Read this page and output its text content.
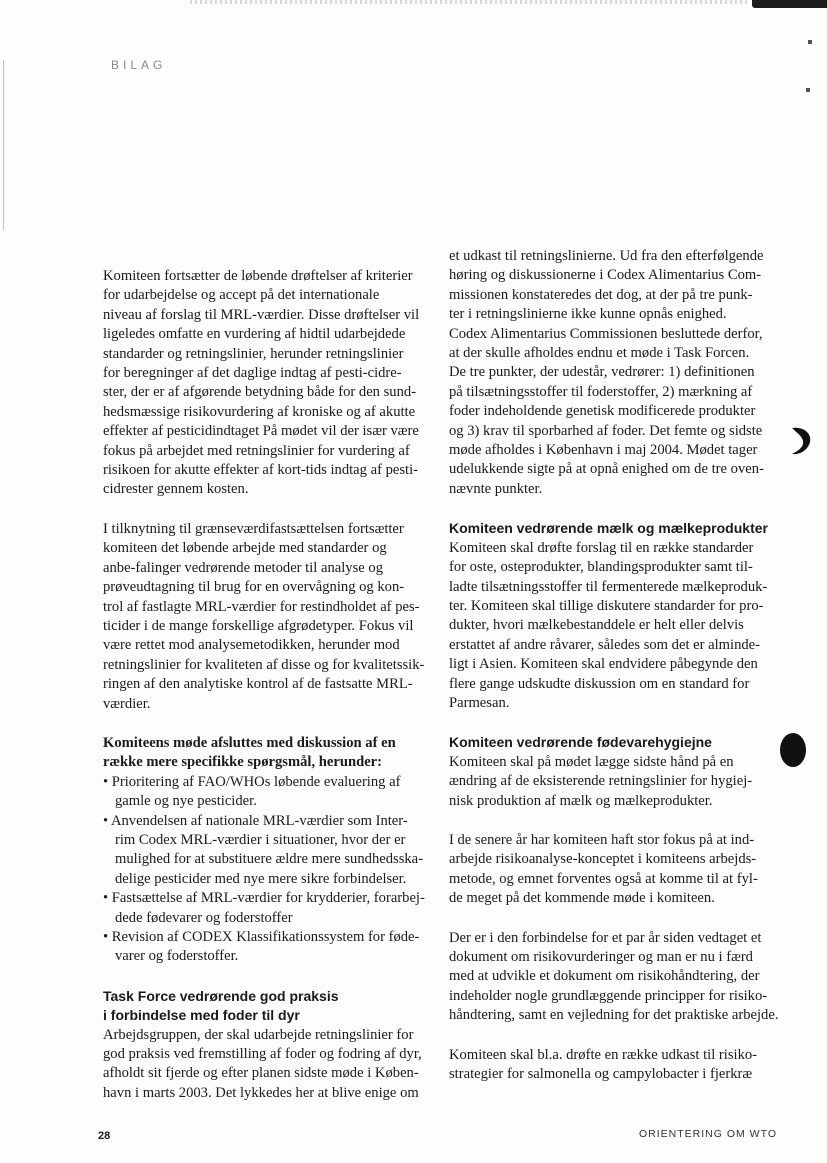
BILAG

Komiteen fortsætter de løbende drøftelser af kriterier
for udarbejdelse og accept på det internationale
niveau af forslag til MRL-værdier. Disse drøftelser vil
ligeledes omfatte en vurdering af hidtil udarbejdede
standarder og retningslinier, herunder retningslinier
for beregninger af det daglige indtag af pesti-cidre-
ster, der er af afgørende betydning både for den sund-
hedsmæssige risikovurdering af kroniske og af akutte
effekter af pesticidindtaget På mødet vil der især være
fokus på arbejdet med retningslinier for vurdering af
risikoen for akutte effekter af kort-tids indtag af pesti-
cidrester gennem kosten.

I tilknytning til grænseværdifastsættelsen fortsætter
komiteen det løbende arbejde med standarder og
anbe-falinger vedrørende metoder til analyse og
prøveudtagning til brug for en overvågning og kon-
trol af fastlagte MRL-værdier for restindholdet af pes-
ticider i de mange forskellige afgrødetyper. Fokus vil
være rettet mod analysemetodikken, herunder mod
retningslinier for kvaliteten af disse og for kvalitetssik-
ringen af den analytiske kontrol af de fastsatte MRL-
værdier.
Komiteens møde afsluttes med diskussion af en
række mere specifikke spørgsmål, herunder:
• Prioritering af FAO/WHOs løbende evaluering af
gamle og nye pesticider.
• Anvendelsen af nationale MRL-værdier som Inter-
rim Codex MRL-værdier i situationer, hvor der er
mulighed for at substituere ældre mere sundhedsska-
delige pesticider med nye mere sikre forbindelser.
• Fastsættelse af MRL-værdier for krydderier, forarbej-
dede fødevarer og foderstoffer
• Revision af CODEX Klassifikationssystem for føde-
varer og foderstoffer.
Task Force vedrørende god praksis
i forbindelse med foder til dyr
Arbejdsgruppen, der skal udarbejde retningslinier for
god praksis ved fremstilling af foder og fodring af dyr,
afholdt sit fjerde og efter planen sidste møde i Køben-
havn i marts 2003. Det lykkedes her at blive enige om
et udkast til retningslinierne. Ud fra den efterfølgende
høring og diskussionerne i Codex Alimentarius Com-
missionen konstateredes det dog, at der på tre punk-
ter i retningslinierne ikke kunne opnås enighed.
Codex Alimentarius Commissionen besluttede derfor,
at der skulle afholdes endnu et møde i Task Forcen.
De tre punkter, der udestår, vedrører: 1) definitionen
på tilsætningsstoffer til foderstoffer, 2) mærkning af
foder indeholdende genetisk modificerede produkter
og 3) krav til sporbarhed af foder. Det femte og sidste
møde afholdes i København i maj 2004. Mødet tager
udelukkende sigte på at opnå enighed om de tre oven-
nævnte punkter.
Komiteen vedrørende mælk og mælkeprodukter
Komiteen skal drøfte forslag til en række standarder
for oste, osteprodukter, blandingsprodukter samt til-
ladte tilsætningsstoffer til fermenterede mælkeproduk-
ter. Komiteen skal tillige diskutere standarder for pro-
dukter, hvori mælkebestanddele er helt eller delvis
erstattet af andre råvarer, således som det er alminde-
ligt i Asien. Komiteen skal endvidere påbegynde den
flere gange udskudte diskussion om en standard for
Parmesan.
Komiteen vedrørende fødevarehygiejne
Komiteen skal på mødet lægge sidste hånd på en
ændring af de eksisterende retningslinier for hygiej-
nisk produktion af mælk og mælkeprodukter.
I de senere år har komiteen haft stor fokus på at ind-
arbejde risikoanalyse-konceptet i komiteens arbejds-
metode, og emnet forventes også at komme til at fyl-
de meget på det kommende møde i komiteen.
Der er i den forbindelse for et par år siden vedtaget et
dokument om risikovurderinger og man er nu i færd
med at udvikle et dokument om risikohåndtering, der
indeholder nogle grundlæggende principper for risiko-
håndtering, samt en vejledning for det praktiske arbejde.
Komiteen skal bl.a. drøfte en række udkast til risiko-
strategier for salmonella og campylobacter i fjerkræ
28	ORIENTERING OM WTO
